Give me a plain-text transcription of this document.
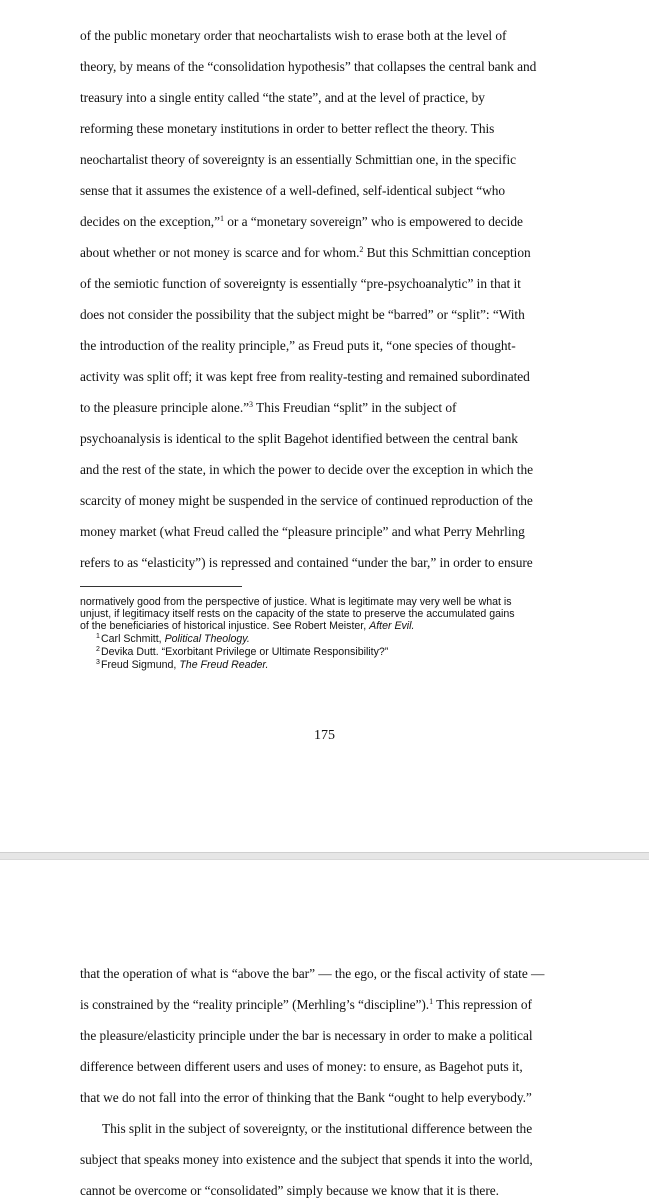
of the public monetary order that neochartalists wish to erase both at the level of
theory, by means of the “consolidation hypothesis” that collapses the central bank and
treasury into a single entity called “the state”, and at the level of practice, by
reforming these monetary institutions in order to better reflect the theory. This
neochartalist theory of sovereignty is an essentially Schmittian one, in the specific
sense that it assumes the existence of a well-defined, self-identical subject “who
decides on the exception,”$^1$ or a “monetary sovereign” who is empowered to decide
about whether or not money is scarce and for whom.$^2$ But this Schmittian conception
of the semiotic function of sovereignty is essentially “pre-psychoanalytic” in that it
does not consider the possibility that the subject might be “barred” or “split”: “With
the introduction of the reality principle,” as Freud puts it, “one species of thought-
activity was split off; it was kept free from reality-testing and remained subordinated
to the pleasure principle alone.”$^3$ This Freudian “split” in the subject of
psychoanalysis is identical to the split Bagehot identified between the central bank
and the rest of the state, in which the power to decide over the exception in which the
scarcity of money might be suspended in the service of continued reproduction of the
money market (what Freud called the “pleasure principle” and what Perry Mehrling
refers to as “elasticity”) is repressed and contained “under the bar,” in order to ensure
normatively good from the perspective of justice. What is legitimate may very well be what is
unjust, if legitimacy itself rests on the capacity of the state to preserve the accumulated gains
of the beneficiaries of historical injustice. See Robert Meister, After Evil.
1 Carl Schmitt, Political Theology.
2 Devika Dutt. “Exorbitant Privilege or Ultimate Responsibility?”
3 Freud Sigmund, The Freud Reader.
175
that the operation of what is “above the bar” — the ego, or the fiscal activity of state —
is constrained by the “reality principle” (Merhling’s “discipline”).$^1$ This repression of
the pleasure/elasticity principle under the bar is necessary in order to make a political
difference between different users and uses of money: to ensure, as Bagehot puts it,
that we do not fall into the error of thinking that the Bank “ought to help everybody.”
This split in the subject of sovereignty, or the institutional difference between the
subject that speaks money into existence and the subject that spends it into the world,
cannot be overcome or “consolidated” simply because we know that it is there.
